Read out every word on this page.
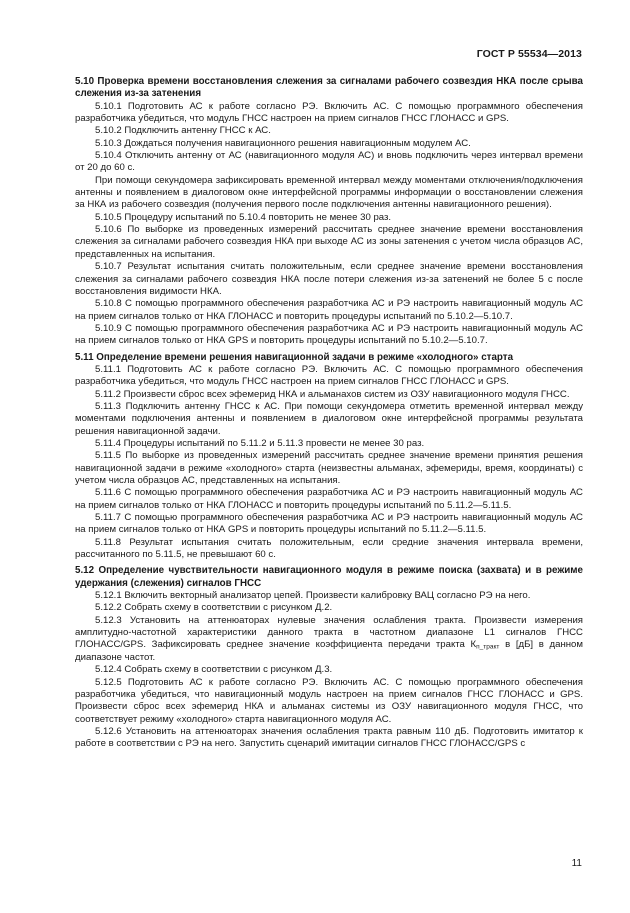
ГОСТ Р 55534—2013

5.10 Проверка времени восстановления слежения за сигналами рабочего созвездия НКА после срыва слежения из-за затенения

5.10.1 Подготовить АС к работе согласно РЭ. Включить АС. С помощью программного обеспечения разработчика убедиться, что модуль ГНСС настроен на прием сигналов ГНСС ГЛОНАСС и GPS.

5.10.2 Подключить антенну ГНСС к АС.

5.10.3 Дождаться получения навигационного решения навигационным модулем АС.

5.10.4 Отключить антенну от АС (навигационного модуля АС) и вновь подключить через интервал времени от 20 до 60 с.

При помощи секундомера зафиксировать временной интервал между моментами отключения/подключения антенны и появлением в диалоговом окне интерфейсной программы информации о восстановлении слежения за НКА из рабочего созвездия (получения первого после подключения антенны навигационного решения).

5.10.5 Процедуру испытаний по 5.10.4 повторить не менее 30 раз.

5.10.6 По выборке из проведенных измерений рассчитать среднее значение времени восстановления слежения за сигналами рабочего созвездия НКА при выходе АС из зоны затенения с учетом числа образцов АС, представленных на испытания.

5.10.7 Результат испытания считать положительным, если среднее значение времени восстановления слежения за сигналами рабочего созвездия НКА после потери слежения из-за затенений не более 5 с после восстановления видимости НКА.

5.10.8 С помощью программного обеспечения разработчика АС и РЭ настроить навигационный модуль АС на прием сигналов только от НКА ГЛОНАСС и повторить процедуры испытаний по 5.10.2—5.10.7.

5.10.9 С помощью программного обеспечения разработчика АС и РЭ настроить навигационный модуль АС на прием сигналов только от НКА GPS и повторить процедуры испытаний по 5.10.2—5.10.7.

5.11 Определение времени решения навигационной задачи в режиме «холодного» старта

5.11.1 Подготовить АС к работе согласно РЭ. Включить АС. С помощью программного обеспечения разработчика убедиться, что модуль ГНСС настроен на прием сигналов ГНСС ГЛОНАСС и GPS.

5.11.2 Произвести сброс всех эфемерид НКА и альманахов систем из ОЗУ навигационного модуля ГНСС.

5.11.3 Подключить антенну ГНСС к АС. При помощи секундомера отметить временной интервал между моментами подключения антенны и появлением в диалоговом окне интерфейсной программы результата решения навигационной задачи.

5.11.4 Процедуры испытаний по 5.11.2 и 5.11.3 провести не менее 30 раз.

5.11.5 По выборке из проведенных измерений рассчитать среднее значение времени принятия решения навигационной задачи в режиме «холодного» старта (неизвестны альманах, эфемериды, время, координаты) с учетом числа образцов АС, представленных на испытания.

5.11.6 С помощью программного обеспечения разработчика АС и РЭ настроить навигационный модуль АС на прием сигналов только от НКА ГЛОНАСС и повторить процедуры испытаний по 5.11.2—5.11.5.

5.11.7 С помощью программного обеспечения разработчика АС и РЭ настроить навигационный модуль АС на прием сигналов только от НКА GPS и повторить процедуры испытаний по 5.11.2—5.11.5.

5.11.8 Результат испытания считать положительным, если средние значения интервала времени, рассчитанного по 5.11.5, не превышают 60 с.

5.12 Определение чувствительности навигационного модуля в режиме поиска (захвата) и в режиме удержания (слежения) сигналов ГНСС

5.12.1 Включить векторный анализатор цепей. Произвести калибровку ВАЦ согласно РЭ на него.

5.12.2 Собрать схему в соответствии с рисунком Д.2.

5.12.3 Установить на аттенюаторах нулевые значения ослабления тракта. Произвести измерения амплитудно-частотной характеристики данного тракта в частотном диапазоне L1 сигналов ГНСС ГЛОНАСС/GPS. Зафиксировать среднее значение коэффициента передачи тракта $К_{п\_тракт}$ в [дБ] в данном диапазоне частот.

5.12.4 Собрать схему в соответствии с рисунком Д.3.

5.12.5 Подготовить АС к работе согласно РЭ. Включить АС. С помощью программного обеспечения разработчика убедиться, что навигационный модуль настроен на прием сигналов ГНСС ГЛОНАСС и GPS. Произвести сброс всех эфемерид НКА и альманах системы из ОЗУ навигационного модуля ГНСС, что соответствует режиму «холодного» старта навигационного модуля АС.

5.12.6 Установить на аттенюаторах значения ослабления тракта равным 110 дБ. Подготовить имитатор к работе в соответствии с РЭ на него. Запустить сценарий имитации сигналов ГНСС ГЛОНАСС/GPS с

11
